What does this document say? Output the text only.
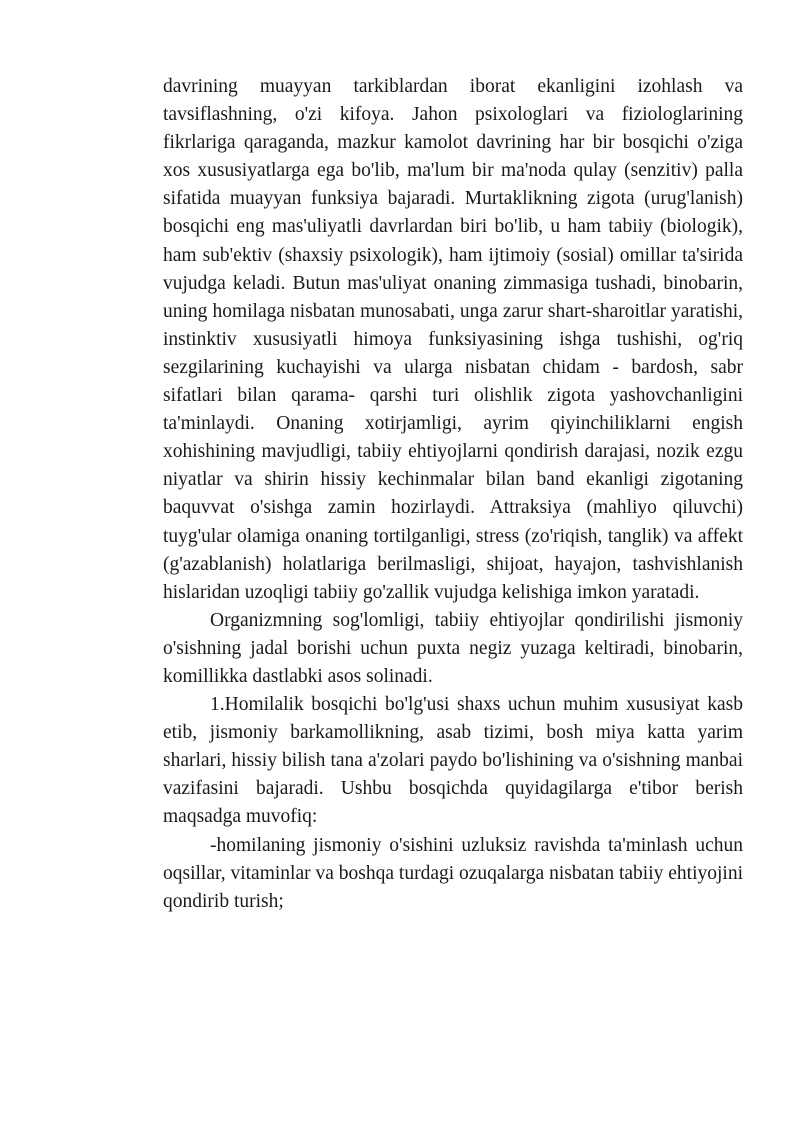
davrining muayyan tarkiblardan iborat ekanligini izohlash va tavsiflashning, o'zi kifoya. Jahon psixologlari va fiziologlarining fikrlariga qaraganda, mazkur kamolot davrining har bir bosqichi o'ziga xos xususiyatlarga ega bo'lib, ma'lum bir ma'noda qulay (senzitiv) palla sifatida muayyan funksiya bajaradi. Murtaklikning zigota (urug'lanish) bosqichi eng mas'uliyatli davrlardan biri bo'lib, u ham tabiiy (biologik), ham sub'ektiv (shaxsiy psixologik), ham ijtimoiy (sosial) omillar ta'sirida vujudga keladi. Butun mas'uliyat onaning zimmasiga tushadi, binobarin, uning homilaga nisbatan munosabati, unga zarur shart-sharoitlar yaratishi, instinktiv xususiyatli himoya funksiyasining ishga tushishi, og'riq sezgilarining kuchayishi va ularga nisbatan chidam - bardosh, sabr sifatlari bilan qarama- qarshi turi olishlik zigota yashovchanligini ta'minlaydi. Onaning xotirjamligi, ayrim qiyinchiliklarni engish xohishining mavjudligi, tabiiy ehtiyojlarni qondirish darajasi, nozik ezgu niyatlar va shirin hissiy kechinmalar bilan band ekanligi zigotaning baquvvat o'sishga zamin hozirlaydi. Attraksiya (mahliyo qiluvchi) tuyg'ular olamiga onaning tortilganligi, stress (zo'riqish, tanglik) va affekt (g'azablanish) holatlariga berilmasligi, shijoat, hayajon, tashvishlanish hislaridan uzoqligi tabiiy go'zallik vujudga kelishiga imkon yaratadi.

Organizmning sog'lomligi, tabiiy ehtiyojlar qondirilishi jismoniy o'sishning jadal borishi uchun puxta negiz yuzaga keltiradi, binobarin, komillikka dastlabki asos solinadi.

1.Homilalik bosqichi bo'lg'usi shaxs uchun muhim xususiyat kasb etib, jismoniy barkamollikning, asab tizimi, bosh miya katta yarim sharlari, hissiy bilish tana a'zolari paydo bo'lishining va o'sishning manbai vazifasini bajaradi. Ushbu bosqichda quyidagilarga e'tibor berish maqsadga muvofiq:

-homilaning jismoniy o'sishini uzluksiz ravishda ta'minlash uchun oqsillar, vitaminlar va boshqa turdagi ozuqalarga nisbatan tabiiy ehtiyojini qondirib turish;
